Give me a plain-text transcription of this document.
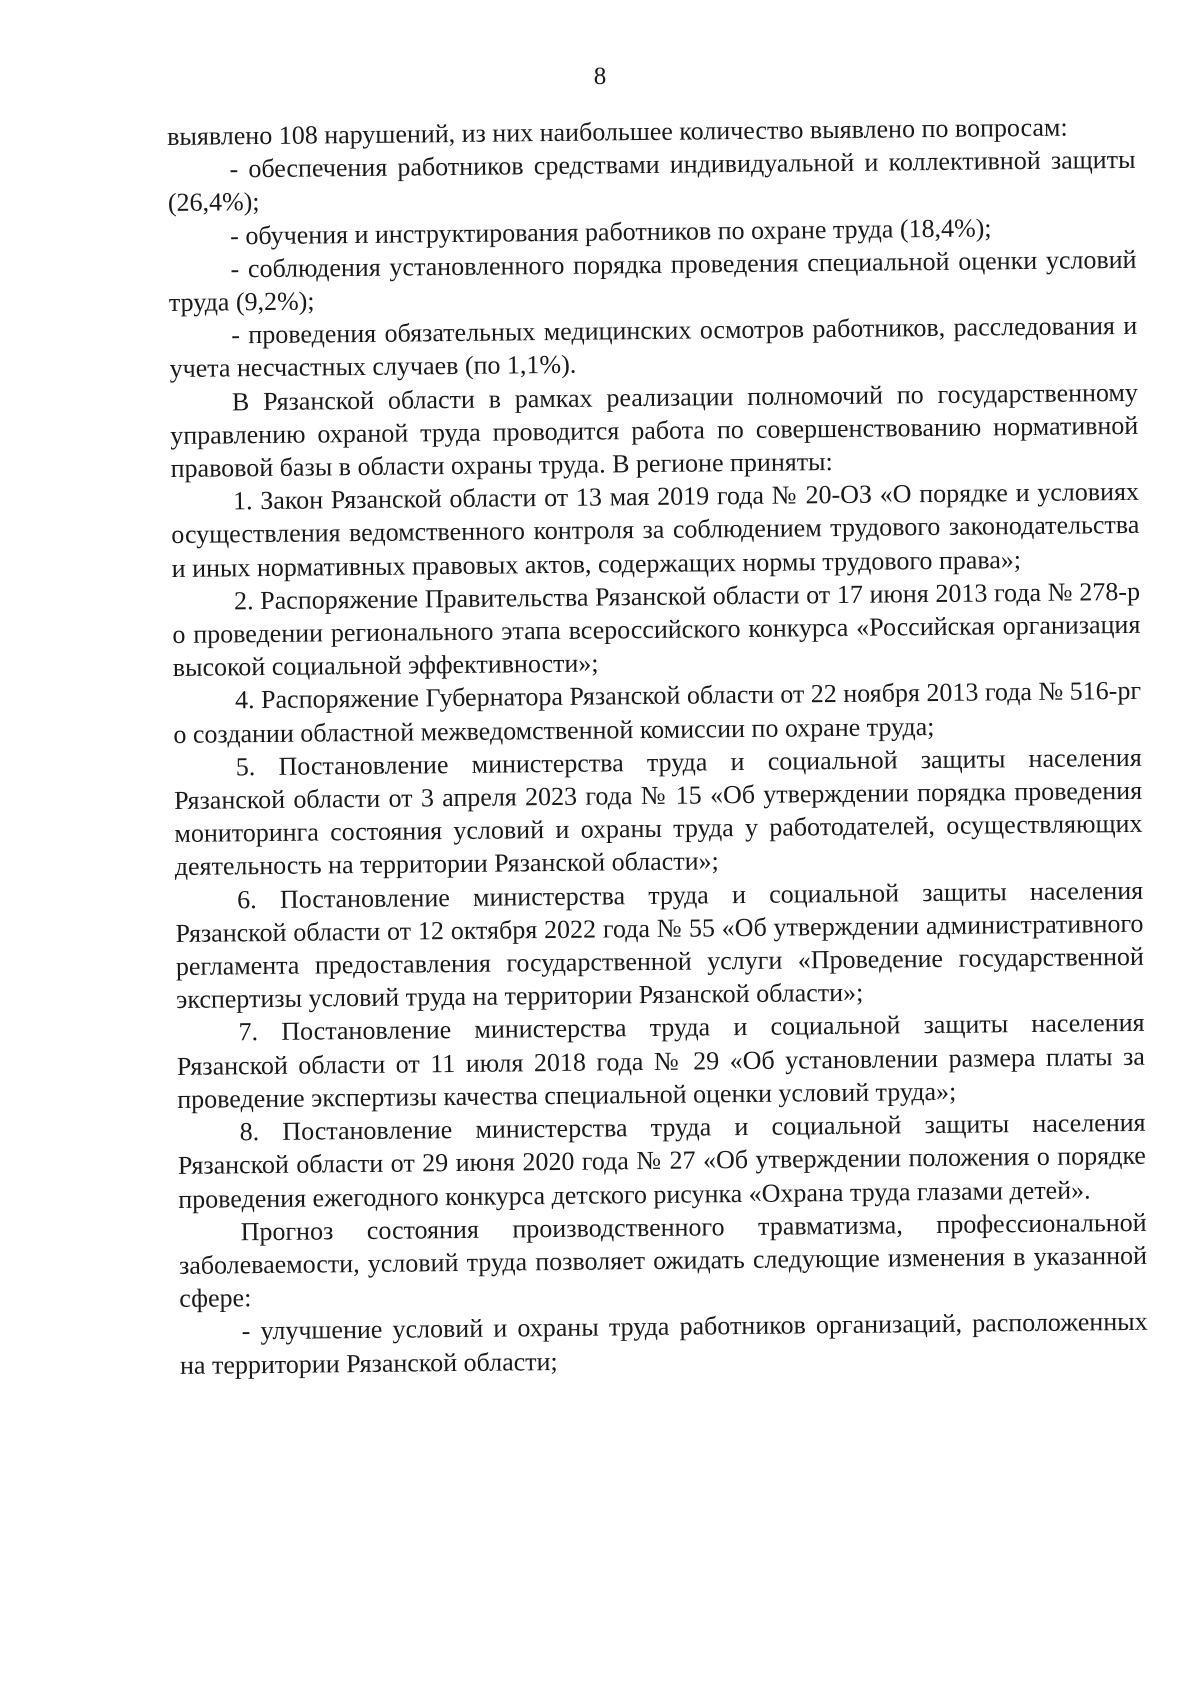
8

выявлено 108 нарушений, из них наибольшее количество выявлено по вопросам:

- обеспечения работников средствами индивидуальной и коллективной защиты (26,4%);

- обучения и инструктирования работников по охране труда (18,4%);

- соблюдения установленного порядка проведения специальной оценки условий труда (9,2%);

- проведения обязательных медицинских осмотров работников, расследования и учета несчастных случаев (по 1,1%).

В Рязанской области в рамках реализации полномочий по государственному управлению охраной труда проводится работа по совершенствованию нормативной правовой базы в области охраны труда. В регионе приняты:

1. Закон Рязанской области от 13 мая 2019 года № 20-ОЗ «О порядке и условиях осуществления ведомственного контроля за соблюдением трудового законодательства и иных нормативных правовых актов, содержащих нормы трудового права»;

2. Распоряжение Правительства Рязанской области от 17 июня 2013 года № 278-р о проведении регионального этапа всероссийского конкурса «Российская организация высокой социальной эффективности»;

4. Распоряжение Губернатора Рязанской области от 22 ноября 2013 года № 516-рг о создании областной межведомственной комиссии по охране труда;

5. Постановление министерства труда и социальной защиты населения Рязанской области от 3 апреля 2023 года № 15 «Об утверждении порядка проведения мониторинга состояния условий и охраны труда у работодателей, осуществляющих деятельность на территории Рязанской области»;

6. Постановление министерства труда и социальной защиты населения Рязанской области от 12 октября 2022 года № 55 «Об утверждении административного регламента предоставления государственной услуги «Проведение государственной экспертизы условий труда на территории Рязанской области»;

7. Постановление министерства труда и социальной защиты населения Рязанской области от 11 июля 2018 года № 29 «Об установлении размера платы за проведение экспертизы качества специальной оценки условий труда»;

8. Постановление министерства труда и социальной защиты населения Рязанской области от 29 июня 2020 года № 27 «Об утверждении положения о порядке проведения ежегодного конкурса детского рисунка «Охрана труда глазами детей».

Прогноз состояния производственного травматизма, профессиональной заболеваемости, условий труда позволяет ожидать следующие изменения в указанной сфере:

- улучшение условий и охраны труда работников организаций, расположенных на территории Рязанской области;
